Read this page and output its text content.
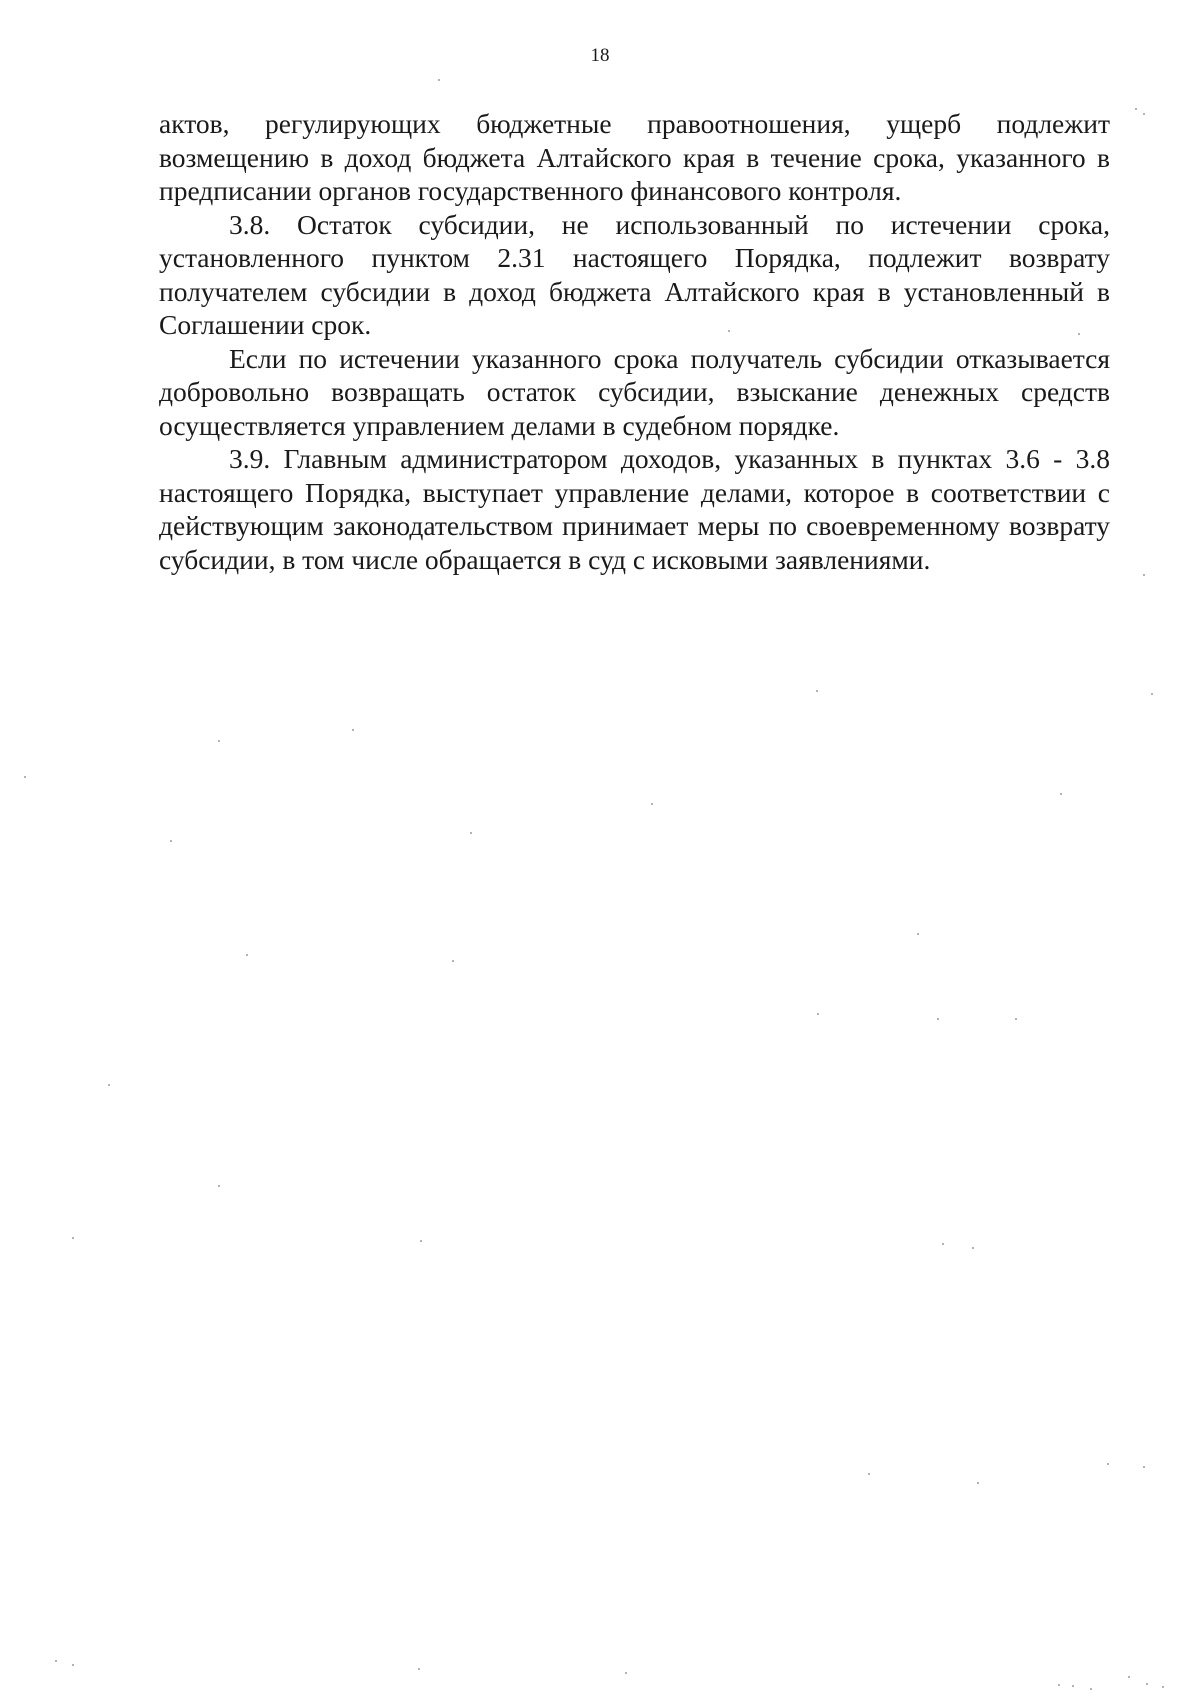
18

актов, регулирующих бюджетные правоотношения, ущерб подлежит возмещению в доход бюджета Алтайского края в течение срока, указанного в предписании органов государственного финансового контроля.

3.8. Остаток субсидии, не использованный по истечении срока, установленного пунктом 2.31 настоящего Порядка, подлежит возврату получателем субсидии в доход бюджета Алтайского края в установленный в Соглашении срок.

Если по истечении указанного срока получатель субсидии отказывается добровольно возвращать остаток субсидии, взыскание денежных средств осуществляется управлением делами в судебном порядке.

3.9. Главным администратором доходов, указанных в пунктах 3.6 - 3.8 настоящего Порядка, выступает управление делами, которое в соответствии с действующим законодательством принимает меры по своевременному возврату субсидии, в том числе обращается в суд с исковыми заявлениями.
